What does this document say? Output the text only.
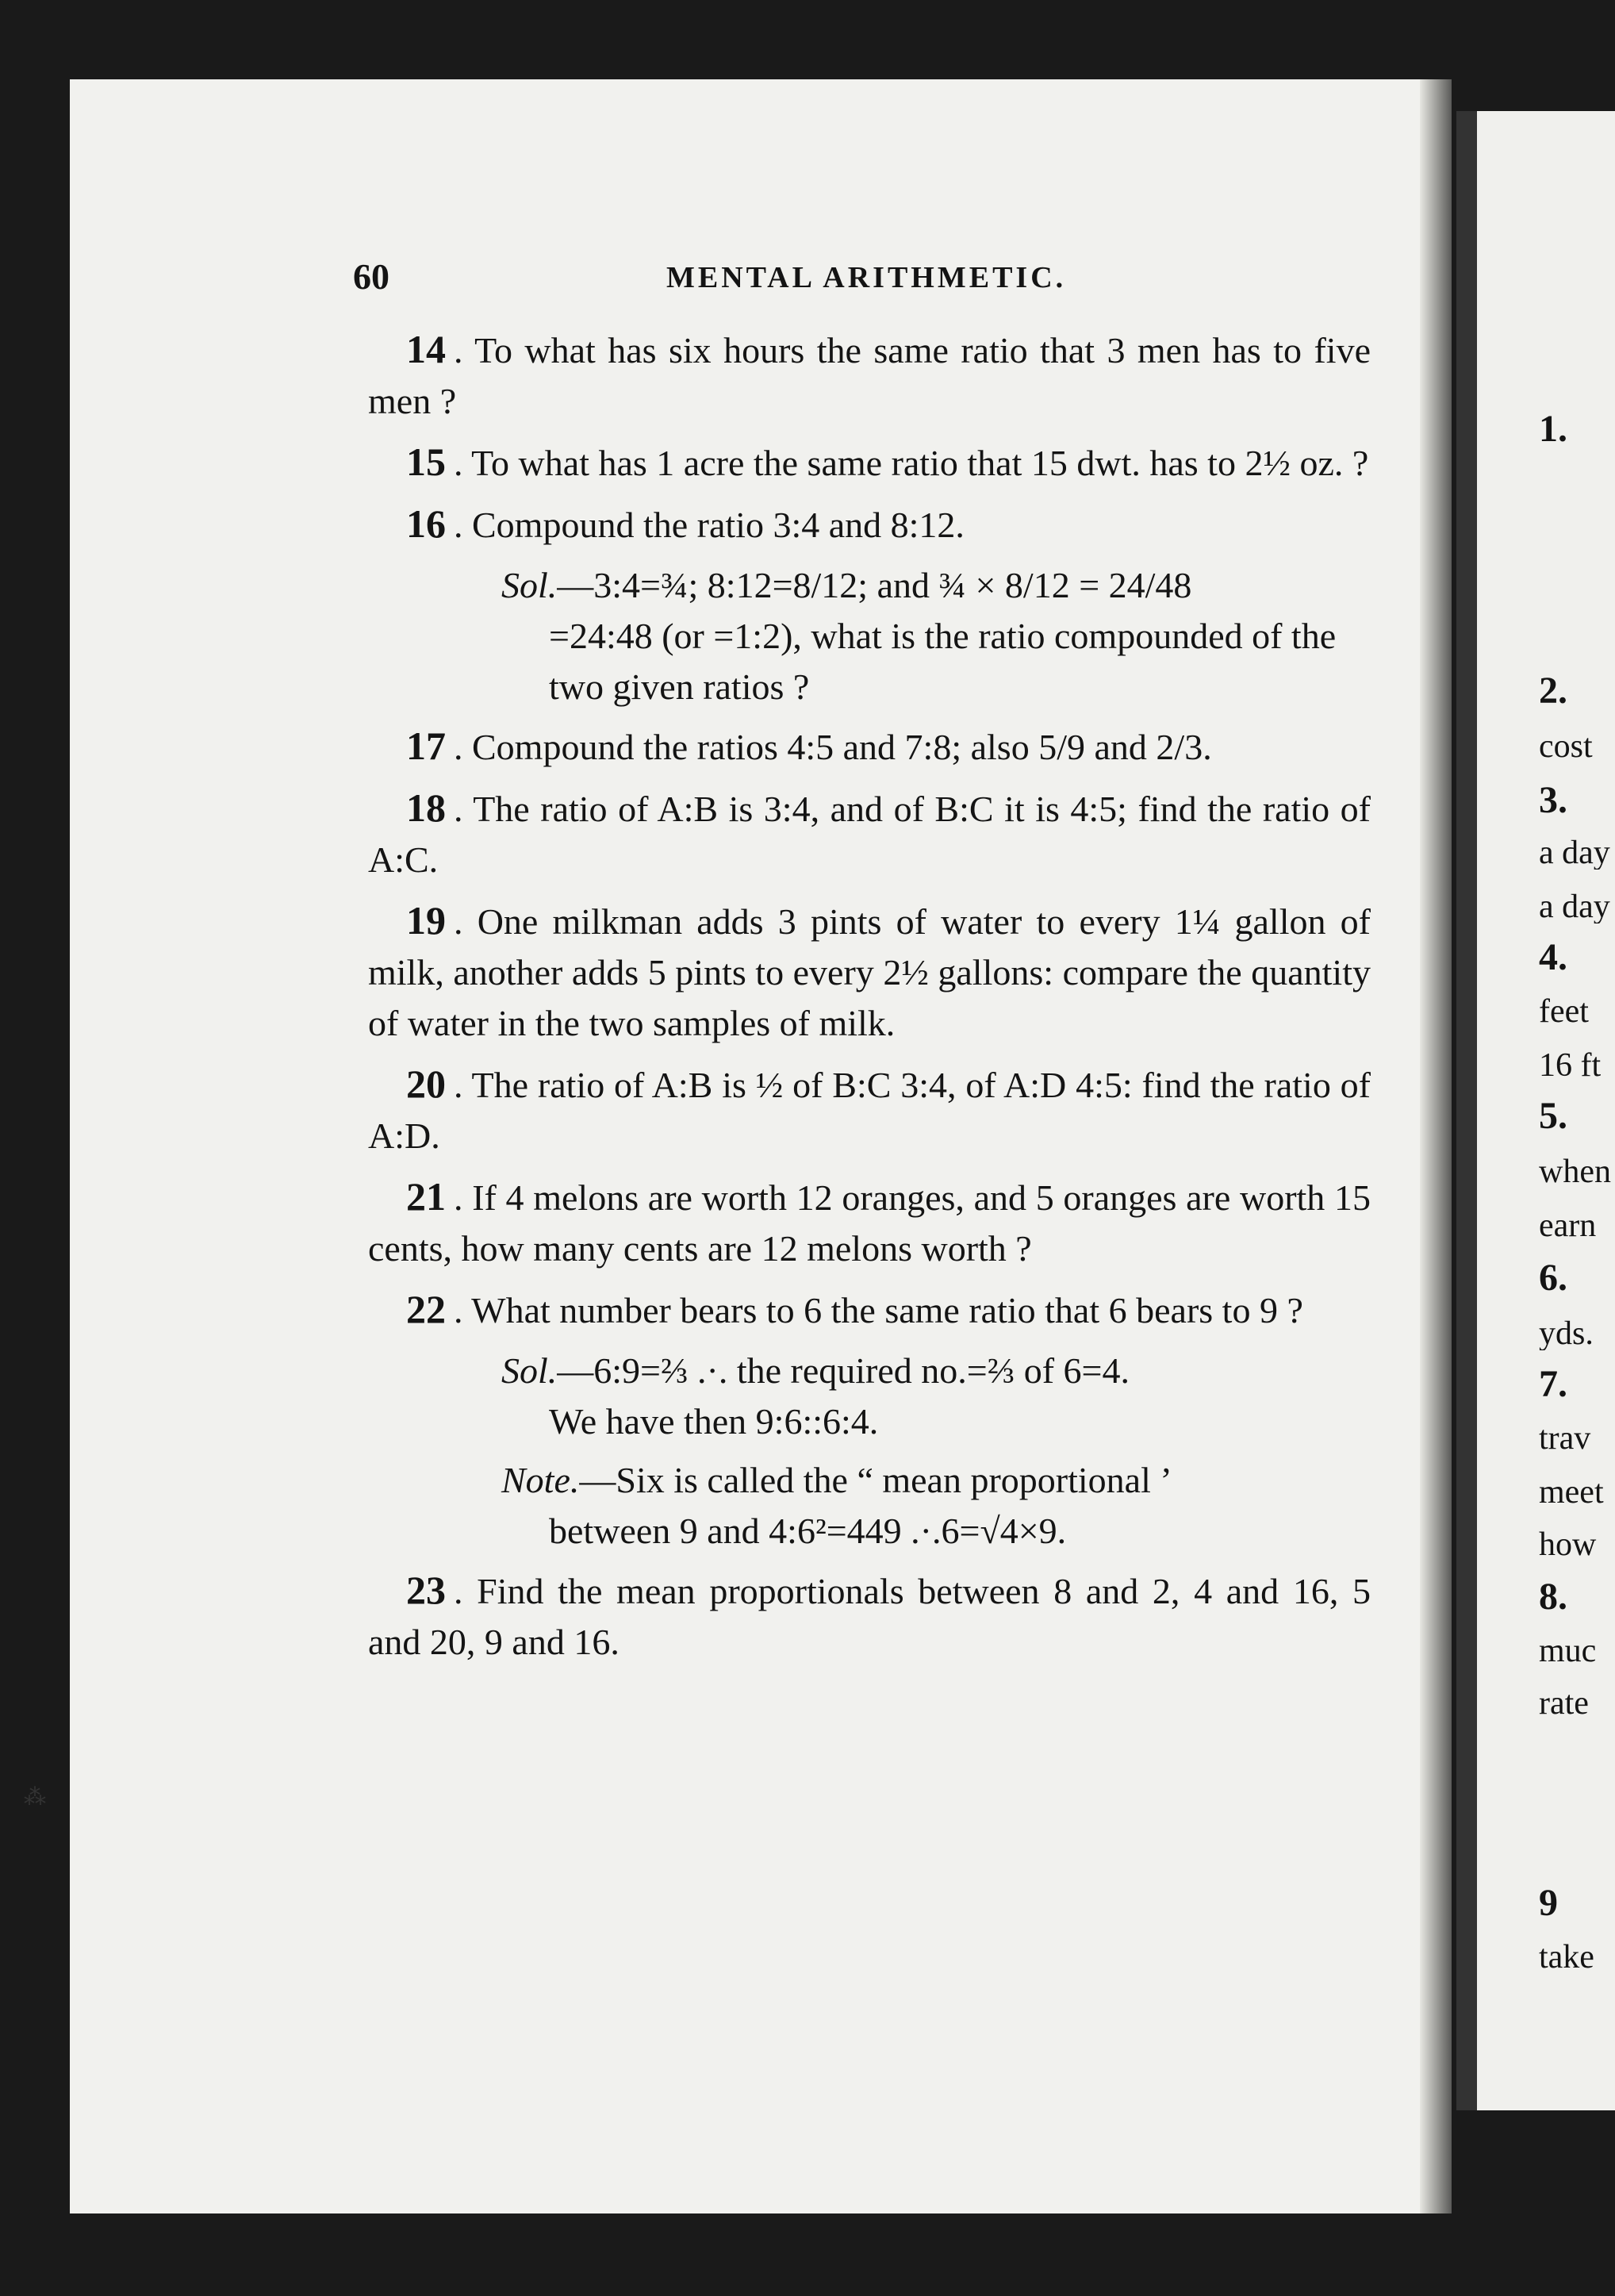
60	MENTAL ARITHMETIC.
⁂

14 . To what has six hours the same ratio that 3 men has to five men ?

15 . To what has 1 acre the same ratio that 15 dwt. has to 2½ oz. ?

16 . Compound the ratio 3:4 and 8:12.

Sol.—3:4=¾; 8:12=8/12; and ¾ × 8/12 = 24/48
=24:48 (or =1:2), what is the ratio compounded of the two given ratios ?

17 . Compound the ratios 4:5 and 7:8; also 5/9 and 2/3.

18 . The ratio of A:B is 3:4, and of B:C it is 4:5; find the ratio of A:C.

19 . One milkman adds 3 pints of water to every 1¼ gallon of milk, another adds 5 pints to every 2½ gallons: compare the quantity of water in the two samples of milk.

20 . The ratio of A:B is ½ of B:C 3:4, of A:D 4:5: find the ratio of A:D.

21 . If 4 melons are worth 12 oranges, and 5 oranges are worth 15 cents, how many cents are 12 melons worth ?

22 . What number bears to 6 the same ratio that 6 bears to 9 ?

Sol.—6:9=⅔ .·. the required no.=⅔ of 6=4.
We have then 9:6::6:4.
Note.—Six is called the “ mean proportional ’
between 9 and 4:6²=449 .·.6=√4×9.

23 . Find the mean proportionals between 8 and 2, 4 and 16, 5 and 20, 9 and 16.

1.
2.
cost
3.
a day
a day
4.
feet
16 ft
5.
when
earn
6.
yds.
7.
trav
meet
how
8.
muc
rate
9
take
